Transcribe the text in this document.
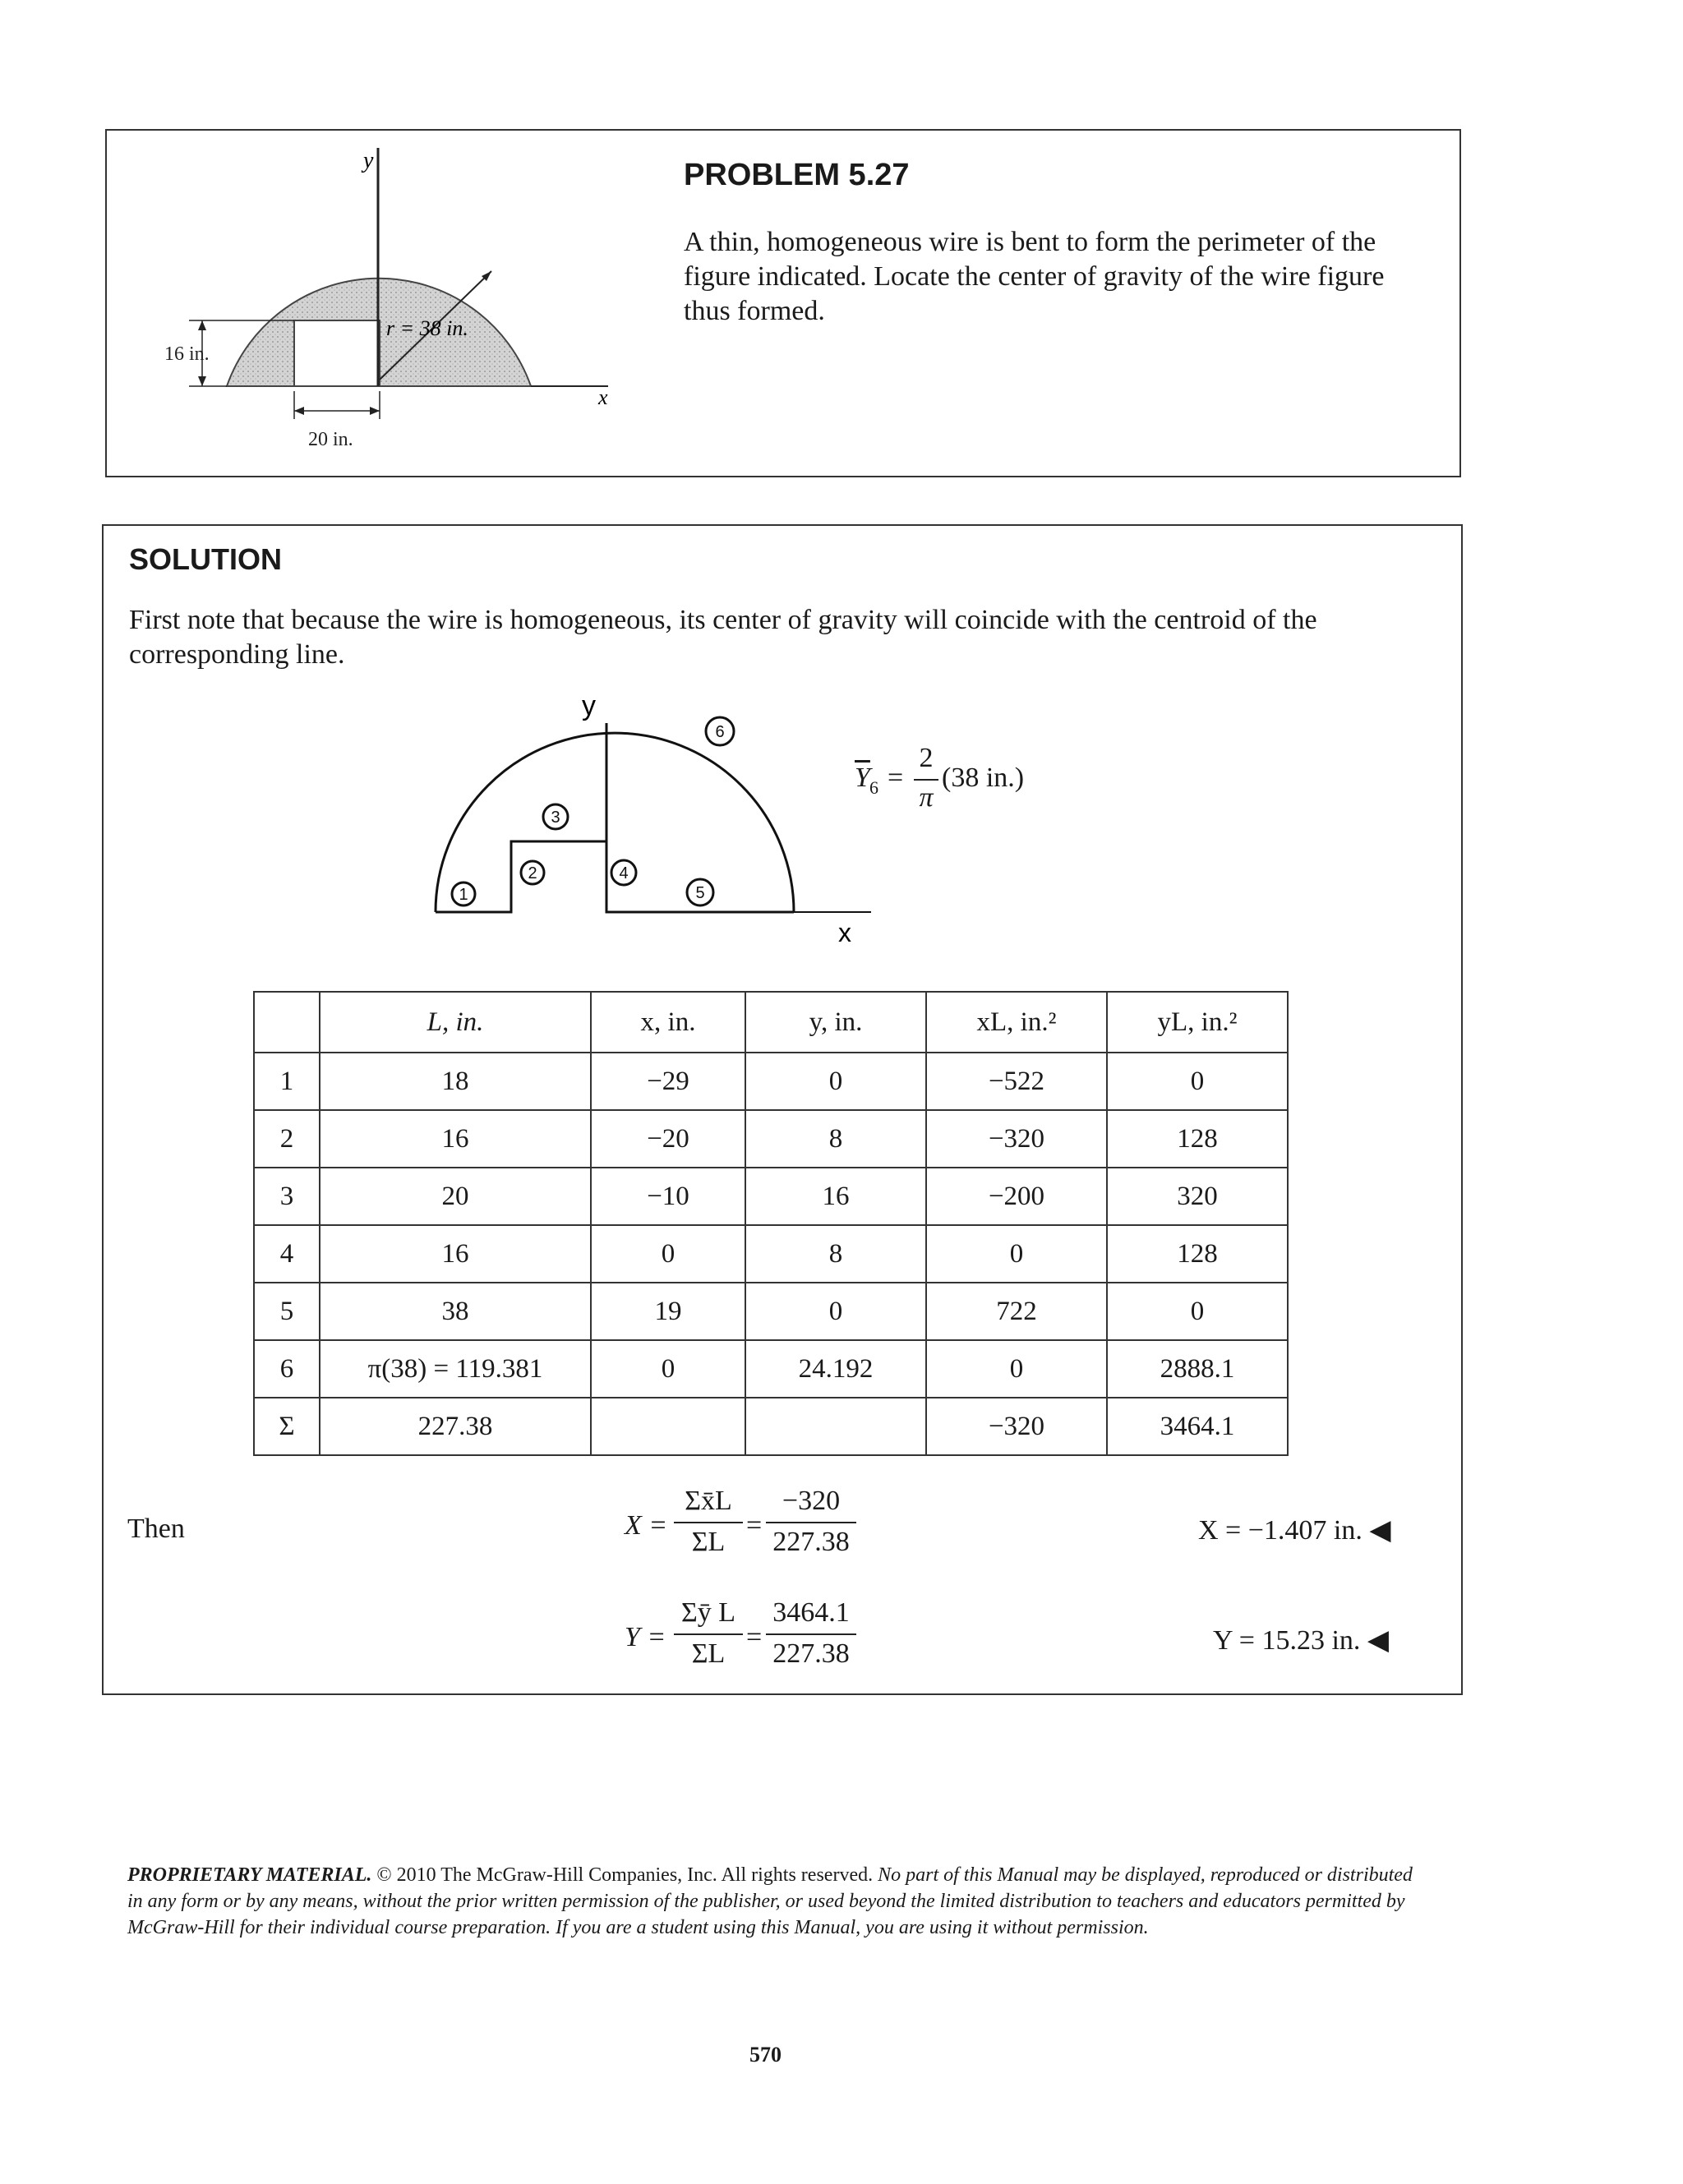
y
x
r = 38 in.
16 in.
20 in.
PROBLEM 5.27
A thin, homogeneous wire is bent to form the perimeter of the figure indicated. Locate the center of gravity of the wire figure thus formed.
SOLUTION
First note that because the wire is homogeneous, its center of gravity will coincide with the centroid of the corresponding line.
1
2
3
4
5
6
y
x
$\overline{Y}$ 6 =
2
π
(38 in.)
	L, in.	x, in.	y, in.	xL, in.²	yL, in.²
1	18	−29	0	−522	0
2	16	−20	8	−320	128
3	20	−10	16	−200	320
4	16	0	8	0	128
5	38	19	0	722	0
6	π(38) = 119.381	0	24.192	0	2888.1
Σ	227.38			−320	3464.1
Then	X =
Σx̄L
ΣL
=
−320
227.38
Y =
Σȳ L
ΣL
=
3464.1
227.38
X = −1.407 in. ◀
Y = 15.23 in. ◀
PROPRIETARY MATERIAL. © 2010 The McGraw-Hill Companies, Inc. All rights reserved. No part of this Manual may be displayed, reproduced or distributed in any form or by any means, without the prior written permission of the publisher, or used beyond the limited distribution to teachers and educators permitted by McGraw-Hill for their individual course preparation. If you are a student using this Manual, you are using it without permission.
570
